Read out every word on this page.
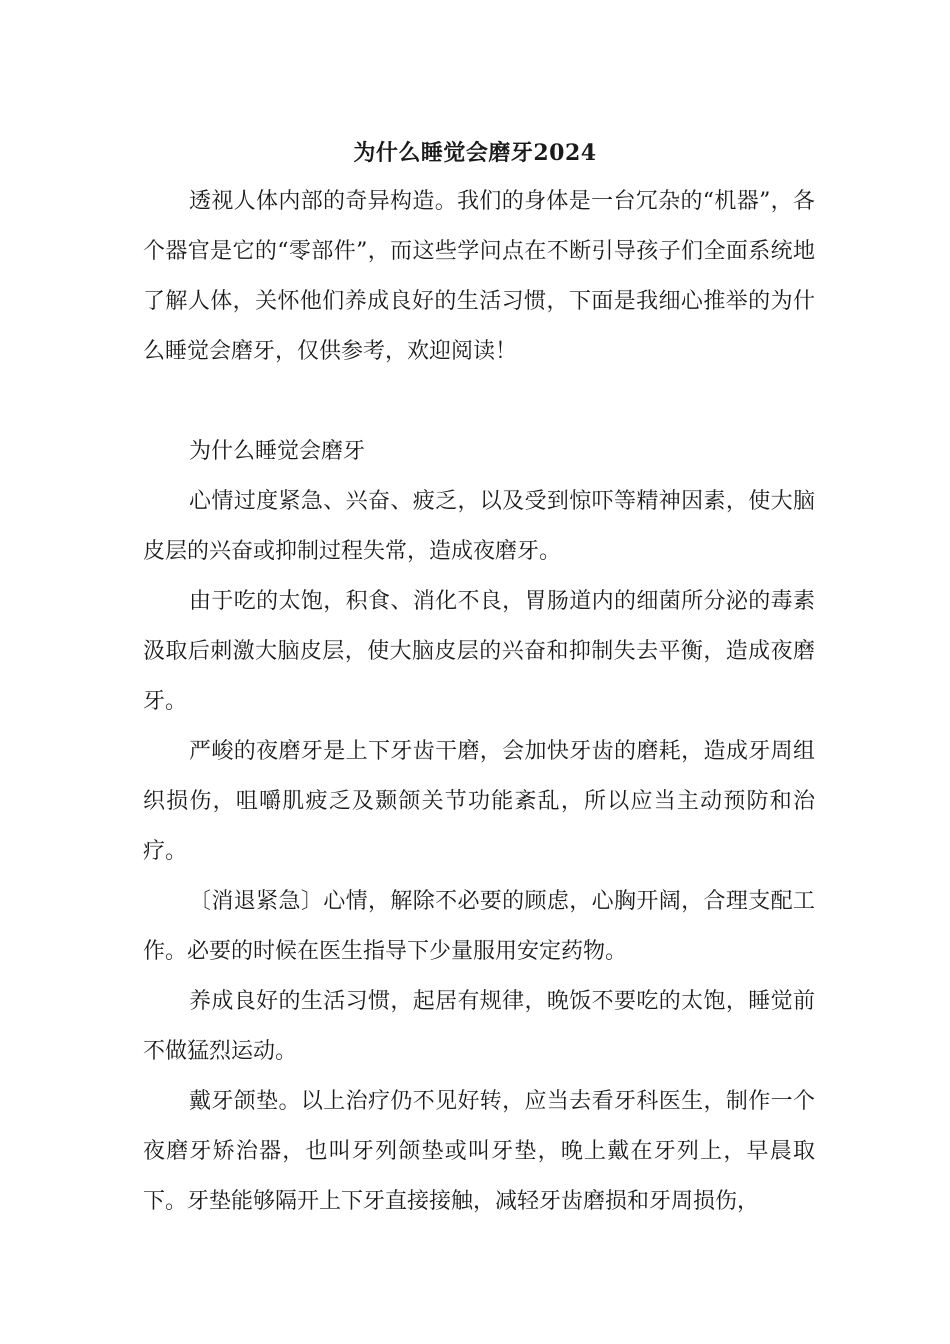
为什么睡觉会磨牙2024

透视人体内部的奇异构造。我们的身体是一台冗杂的“机器”，各个器官是它的“零部件”，而这些学问点在不断引导孩子们全面系统地了解人体，关怀他们养成良好的生活习惯，下面是我细心推举的为什么睡觉会磨牙，仅供参考，欢迎阅读！

为什么睡觉会磨牙

心情过度紧急、兴奋、疲乏，以及受到惊吓等精神因素，使大脑皮层的兴奋或抑制过程失常，造成夜磨牙。

由于吃的太饱，积食、消化不良，胃肠道内的细菌所分泌的毒素汲取后刺激大脑皮层，使大脑皮层的兴奋和抑制失去平衡，造成夜磨牙。

严峻的夜磨牙是上下牙齿干磨，会加快牙齿的磨耗，造成牙周组织损伤，咀嚼肌疲乏及颞颌关节功能紊乱，所以应当主动预防和治疗。

〔消退紧急〕心情，解除不必要的顾虑，心胸开阔，合理支配工作。必要的时候在医生指导下少量服用安定药物。

养成良好的生活习惯，起居有规律，晚饭不要吃的太饱，睡觉前不做猛烈运动。

戴牙颌垫。以上治疗仍不见好转，应当去看牙科医生，制作一个夜磨牙矫治器，也叫牙列颌垫或叫牙垫，晚上戴在牙列上，早晨取下。牙垫能够隔开上下牙直接接触，减轻牙齿磨损和牙周损伤，
